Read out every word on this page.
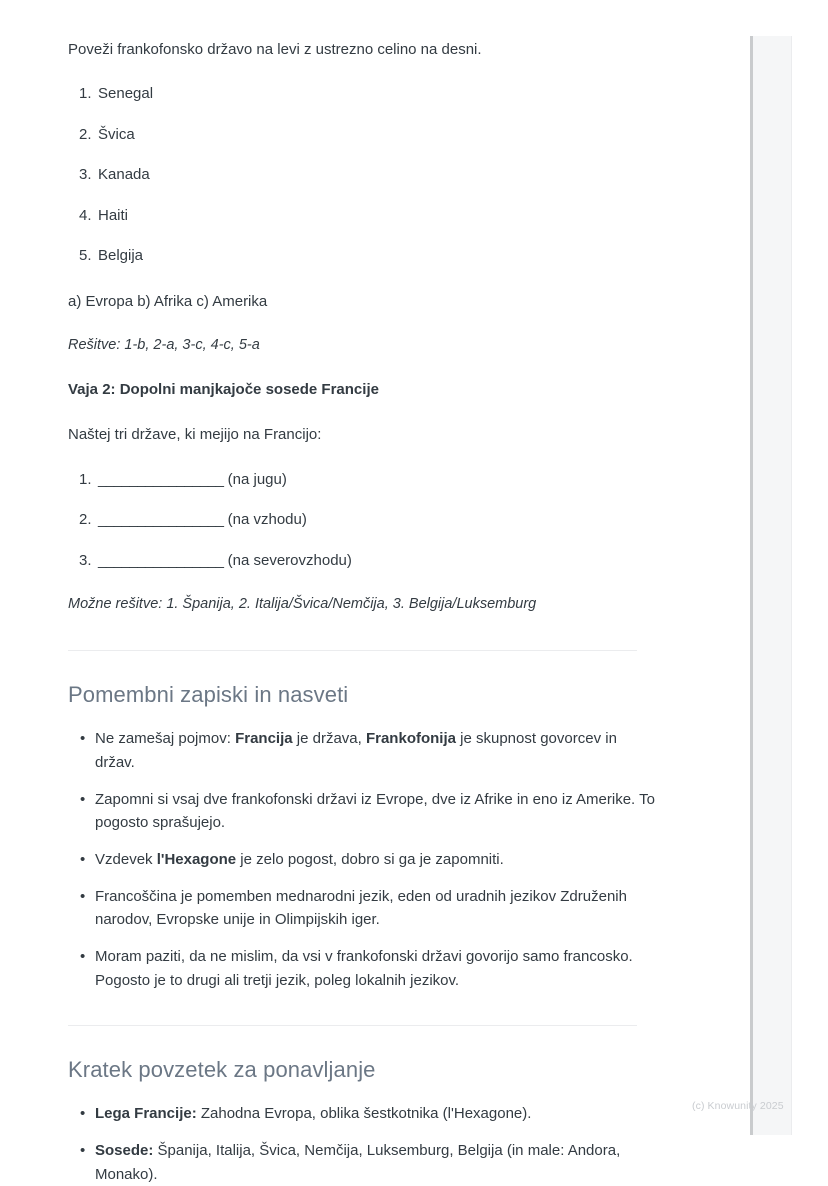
Poveži frankofonsko državo na levi z ustrezno celino na desni.

1. Senegal
2. Švica
3. Kanada
4. Haiti
5. Belgija

a) Evropa b) Afrika c) Amerika

Rešitve: 1-b, 2-a, 3-c, 4-c, 5-a

Vaja 2: Dopolni manjkajoče sosede Francije

Naštej tri države, ki mejijo na Francijo:

1. ________________ (na jugu)
2. ________________ (na vzhodu)
3. ________________ (na severovzhodu)

Možne rešitve: 1. Španija, 2. Italija/Švica/Nemčija, 3. Belgija/Luksemburg

Pomembni zapiski in nasveti
• Ne zamešaj pojmov: Francija je država, Frankofonija je skupnost govorcev in držav.
• Zapomni si vsaj dve frankofonski državi iz Evrope, dve iz Afrike in eno iz Amerike. To pogosto sprašujejo.
• Vzdevek l'Hexagone je zelo pogost, dobro si ga je zapomniti.
• Francoščina je pomemben mednarodni jezik, eden od uradnih jezikov Združenih narodov, Evropske unije in Olimpijskih iger.
• Moram paziti, da ne mislim, da vsi v frankofonski državi govorijo samo francosko. Pogosto je to drugi ali tretji jezik, poleg lokalnih jezikov.
Kratek povzetek za ponavljanje
• Lega Francije: Zahodna Evropa, oblika šestkotnika (l'Hexagone).
• Sosede: Španija, Italija, Švica, Nemčija, Luksemburg, Belgija (in male: Andora, Monako).
(c) Knowunity 2025
